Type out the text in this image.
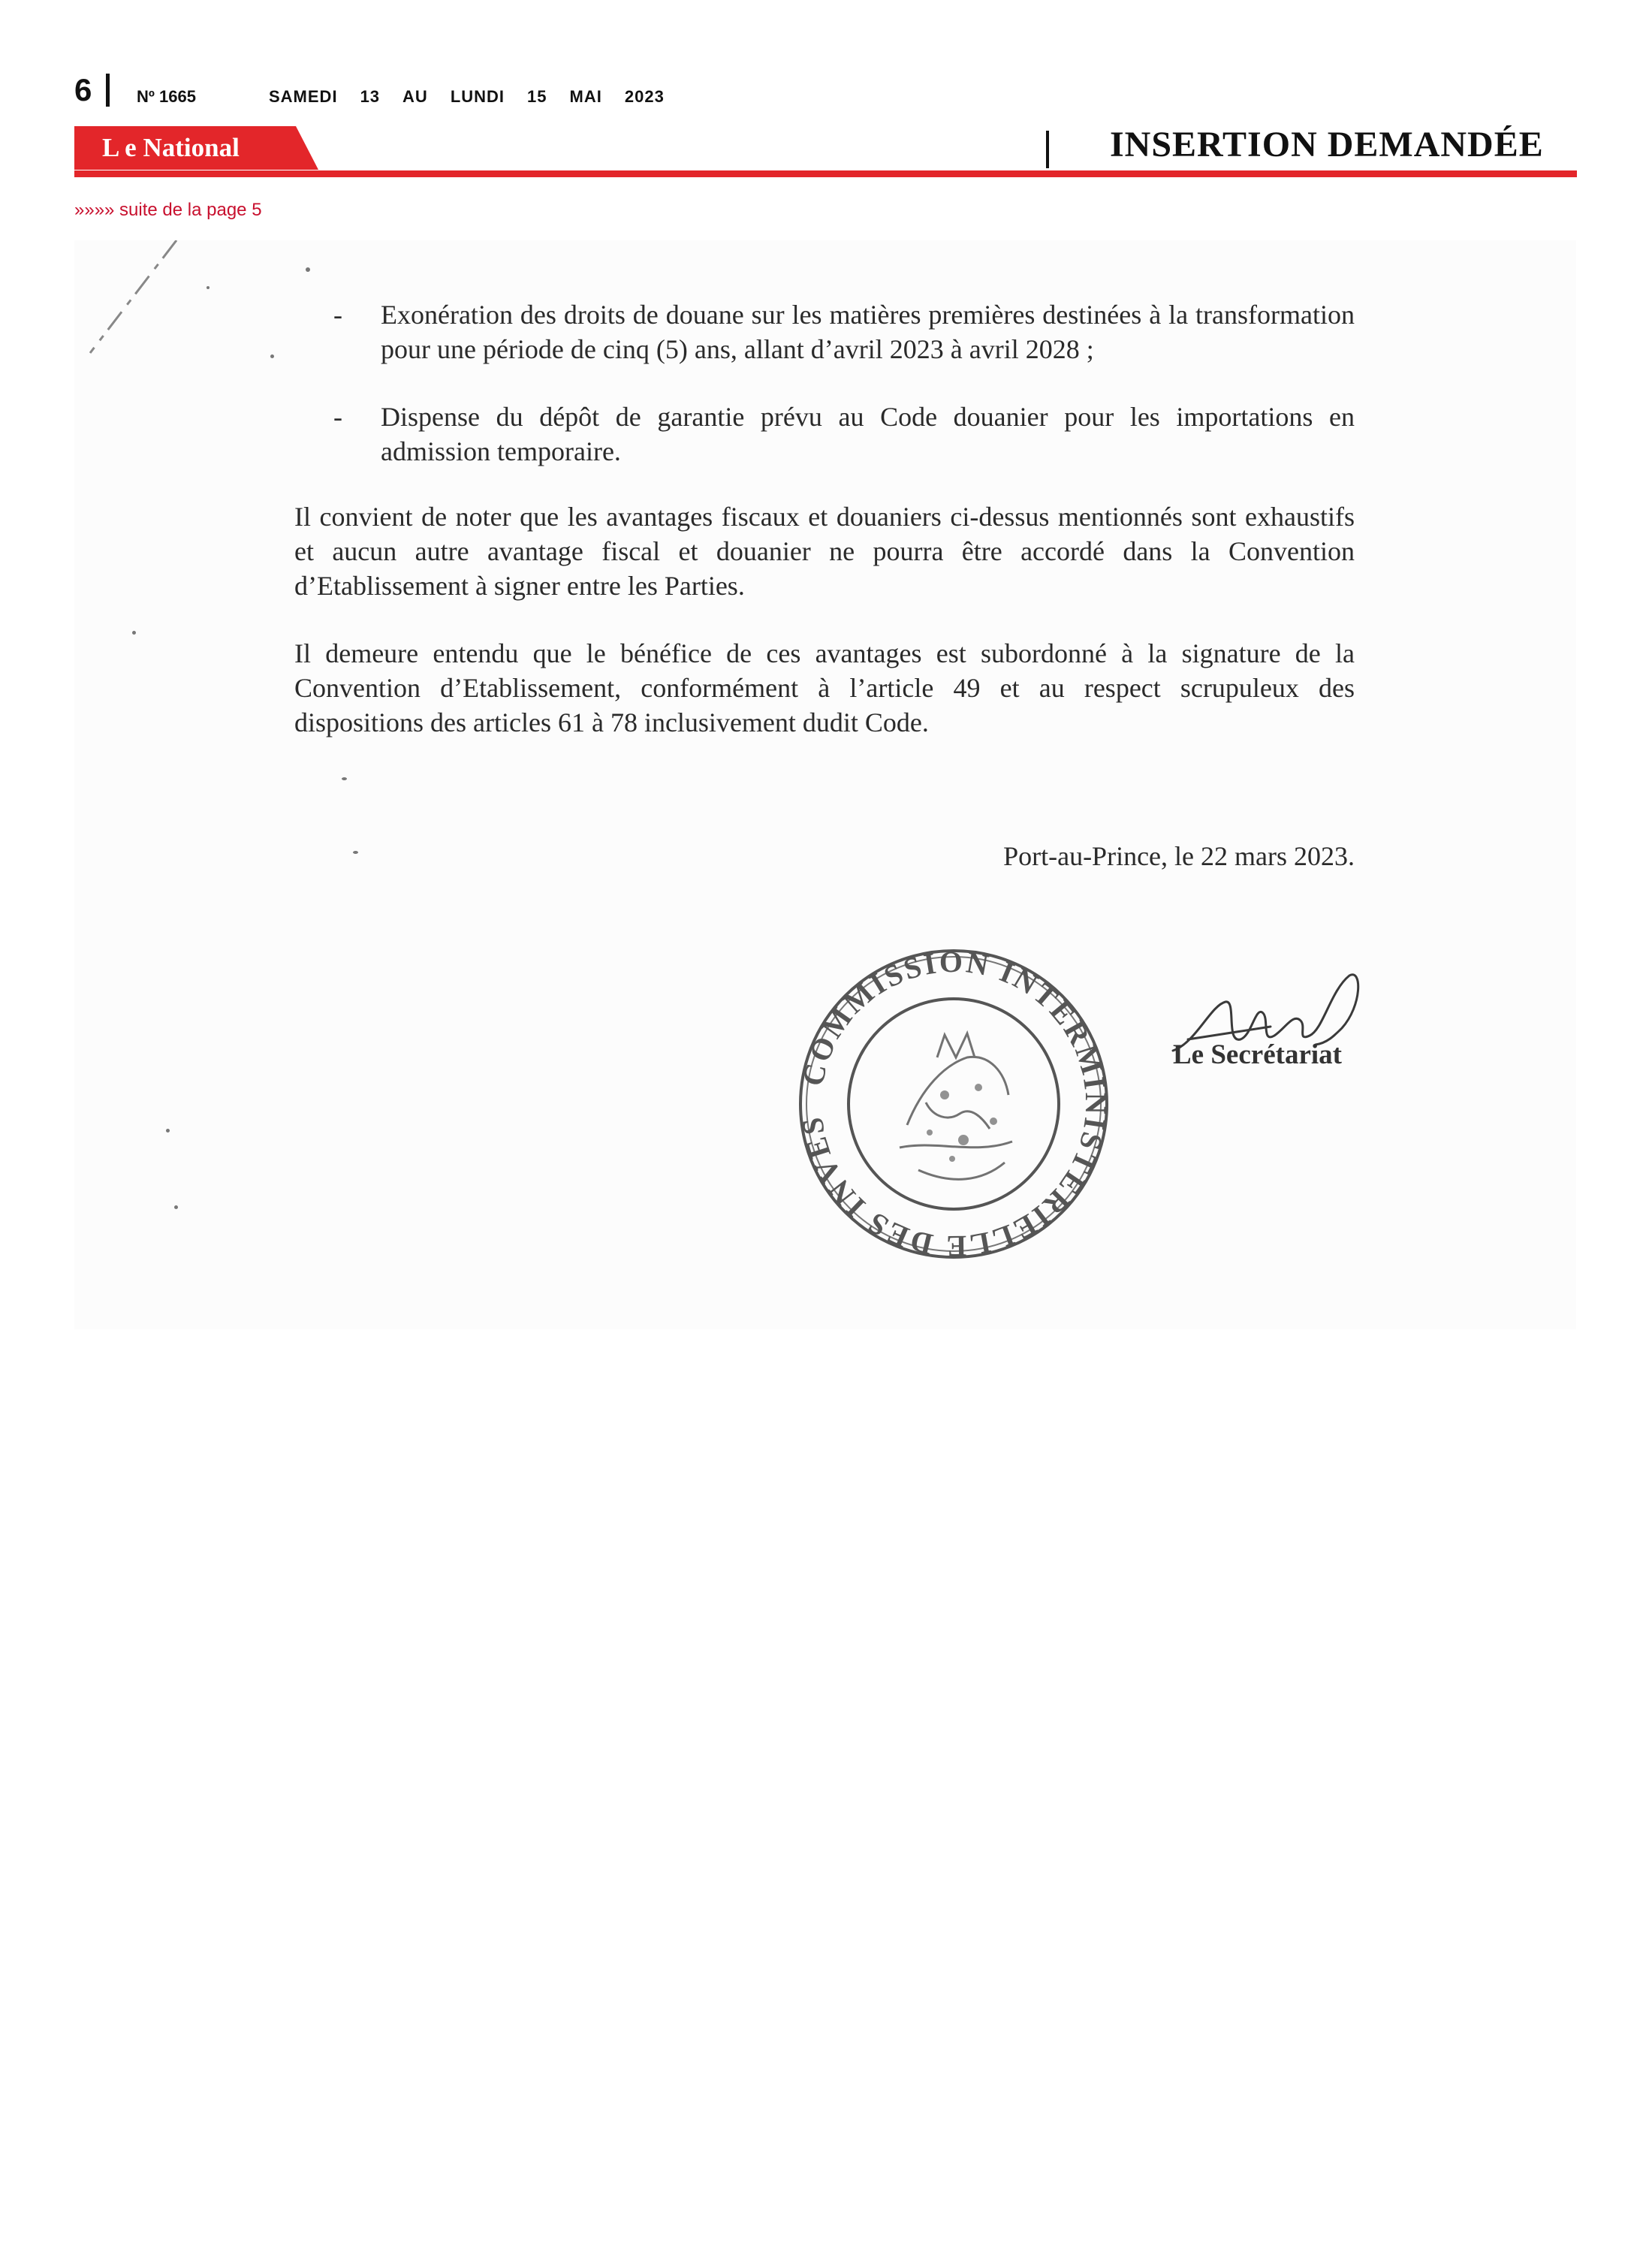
6	Nº 1665	SAMEDI 13 AU LUNDI 15 MAI 2023
L e National	INSERTION DEMANDÉE
»»»» suite de la page 5
- Exonération des droits de douane sur les matières premières destinées à la transformation pour une période de cinq (5) ans, allant d’avril 2023 à avril 2028 ;
- Dispense du dépôt de garantie prévu au Code douanier pour les importations en admission temporaire.
Il convient de noter que les avantages fiscaux et douaniers ci-dessus mentionnés sont exhaustifs et aucun autre avantage fiscal et douanier ne pourra être accordé dans la Convention d’Etablissement à signer entre les Parties.
Il demeure entendu que le bénéfice de ces avantages est subordonné à la signature de la Convention d’Etablissement, conformément à l’article 49 et au respect scrupuleux des dispositions des articles 61 à 78 inclusivement dudit Code.
Port-au-Prince, le 22 mars 2023.
COMMISSION INTERMINISTERIELLE DES INVES
Le Secrétariat
